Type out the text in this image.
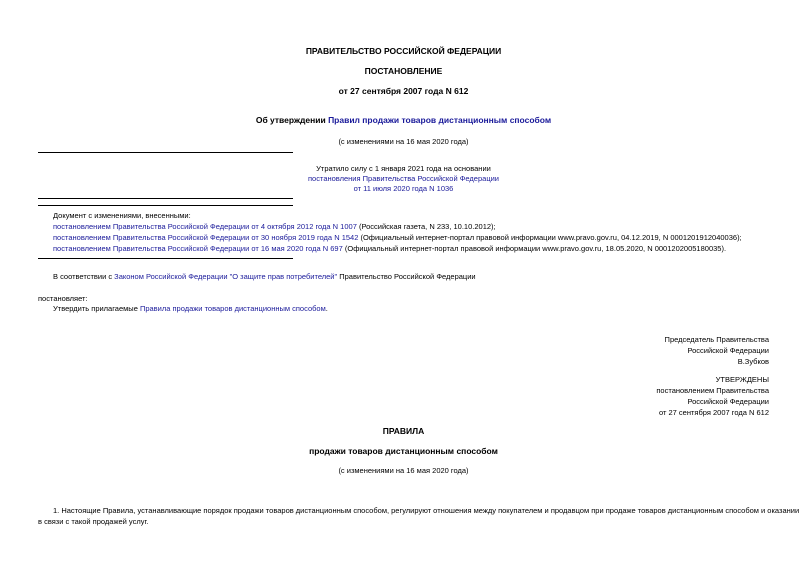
ПРАВИТЕЛЬСТВО РОССИЙСКОЙ ФЕДЕРАЦИИ
ПОСТАНОВЛЕНИЕ
от 27 сентября 2007 года N 612
Об утверждении Правил продажи товаров дистанционным способом
(с изменениями на 16 мая 2020 года)
Утратило силу с 1 января 2021 года на основании
постановления Правительства Российской Федерации
от 11 июля 2020 года N 1036
Документ с изменениями, внесенными:
постановлением Правительства Российской Федерации от 4 октября 2012 года N 1007 (Российская газета, N 233, 10.10.2012);
постановлением Правительства Российской Федерации от 30 ноября 2019 года N 1542 (Официальный интернет-портал правовой информации www.pravo.gov.ru, 04.12.2019, N 0001201912040036);
постановлением Правительства Российской Федерации от 16 мая 2020 года N 697 (Официальный интернет-портал правовой информации www.pravo.gov.ru, 18.05.2020, N 0001202005180035).
В соответствии с Законом Российской Федерации "О защите прав потребителей" Правительство Российской Федерации
постановляет:
Утвердить прилагаемые Правила продажи товаров дистанционным способом.
Председатель Правительства
Российской Федерации
В.Зубков
УТВЕРЖДЕНЫ
постановлением Правительства
Российской Федерации
от 27 сентября 2007 года N 612
ПРАВИЛА
продажи товаров дистанционным способом
(с изменениями на 16 мая 2020 года)
1. Настоящие Правила, устанавливающие порядок продажи товаров дистанционным способом, регулируют отношения между покупателем и продавцом при продаже товаров дистанционным способом и оказании
в связи с такой продажей услуг.
